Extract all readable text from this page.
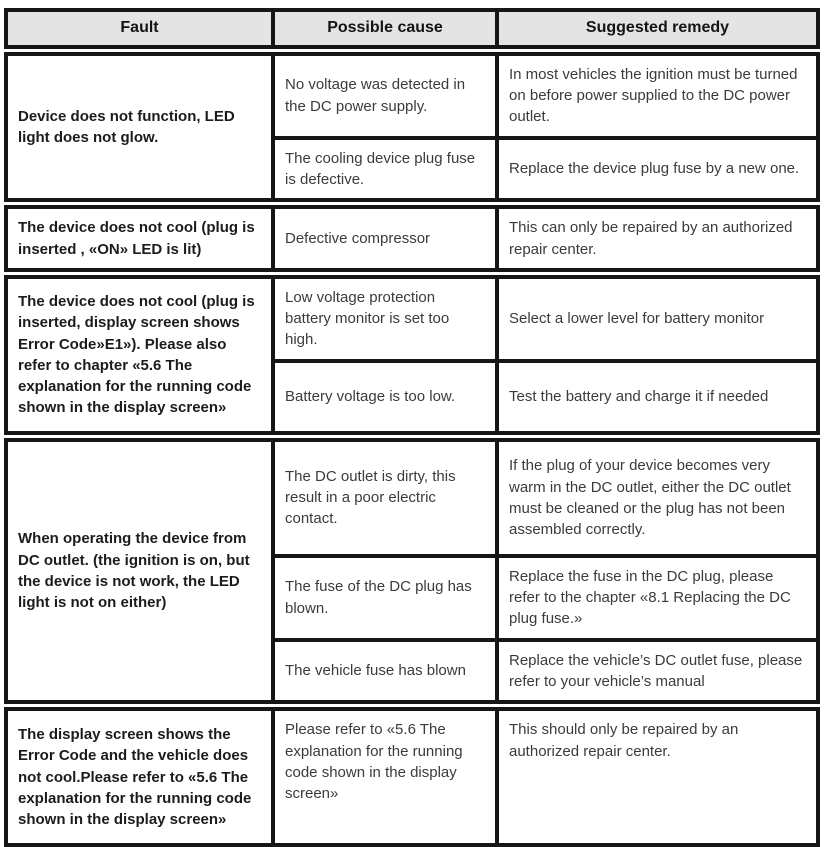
Fault	Possible cause	Suggested remedy
Device does not function, LED light does not glow.
No voltage was detected in the DC power supply.
In most vehicles the ignition must be turned on before power supplied to the DC power outlet.
The cooling device plug fuse is defective.
Replace the device plug fuse by a new one.
The device does not cool (plug is inserted , «ON» LED is lit)
Defective compressor
This can only be repaired by an authorized repair center.
The device does not cool (plug is inserted, display screen shows Error Code»E1»). Please also refer to chapter «5.6 The explanation for the running code shown in the display screen»
Low voltage protection battery monitor is set too high.
Select a lower level for battery monitor
Battery voltage is too low.	Test the battery and charge it if needed
When operating the device from DC outlet. (the ignition is on, but the device is not work, the LED light is not on either)
The DC outlet is dirty, this result in a poor electric contact.
If the plug of your device becomes very warm in the DC outlet, either the DC outlet must be cleaned or the plug has not been assembled correctly.
The fuse of the DC plug has blown.
Replace the fuse in the DC plug, please refer to the chapter «8.1 Replacing the DC plug fuse.»
The vehicle fuse has blown
Replace the vehicle’s DC outlet fuse, please refer to your vehicle’s manual
The display screen shows the Error Code and the vehicle does not cool.Please refer to «5.6 The explanation for the running code shown in the display screen»
Please refer to «5.6 The explanation for the running code shown in the display screen»
This should only be repaired by an authorized repair center.
